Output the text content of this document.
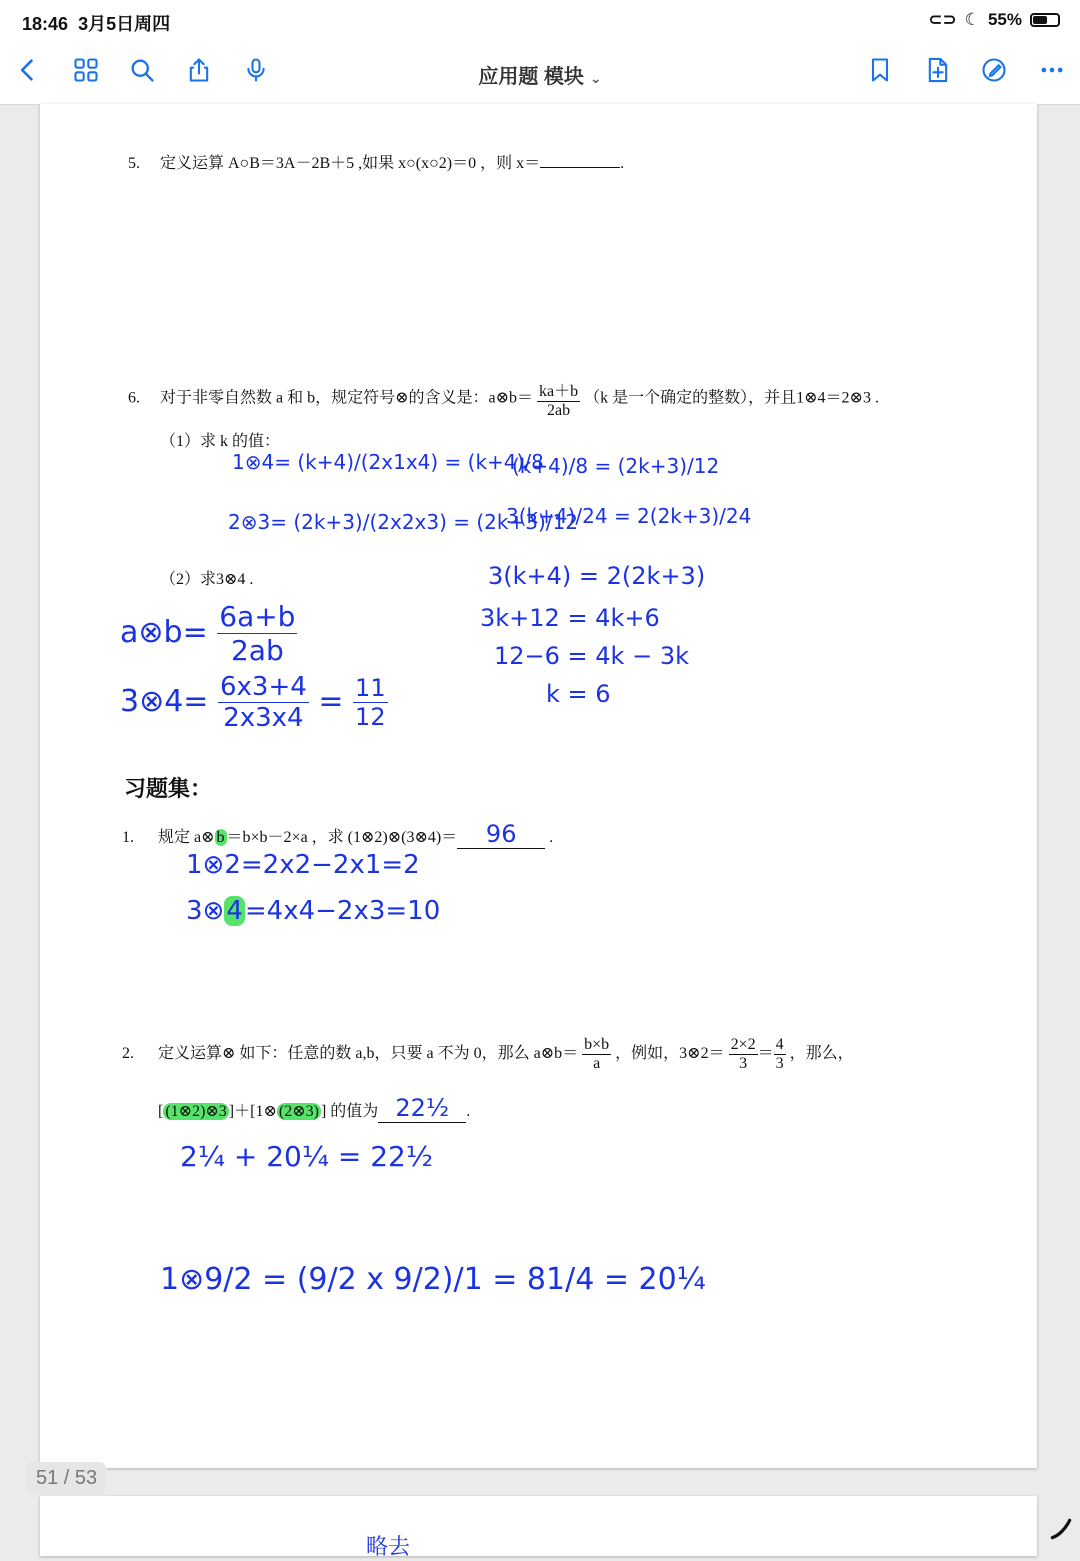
18:46 3月5日周四	⊂⊃ ☾ 55%
应用题 模块 ⌄
5. 定义运算 A○B＝3A－2B＋5 ,如果 x○(x○2)＝0 ，则 x＝	.
6. 对于非零自然数 a 和 b，规定符号⊗的含义是：a⊗b＝ $\frac{ka+b}{2ab} (k$ 是一个确定的整数），并且1⊗4＝2⊗3 .
（1）求 k 的值：
（2）求3⊗4 .
1⊗4= (k+4)/(2x1x4) = (k+4)/8
2⊗3= (2k+3)/(2x2x3) = (2k+3)/12
(k+4)/8 = (2k+3)/12
3(k+4)/24 = 2(2k+3)/24
3(k+4) = 2(2k+3)
3k+12 = 4k+6
12−6 = 4k − 3k
k = 6
a⊗b= $\frac{6a+b}{2ab}$
3⊗4= $\frac{6x3+4}{2x3x4} = \frac{11}{12}$
习题集：
1. 规定 a⊗ b ＝b×b－2×a ，求 (1⊗2)⊗(3⊗4)＝ 96 .
1⊗2=2x2−2x1=2
3⊗4=4x4−2x3=10
2. 定义运算⊗ 如下：任意的数 a,b，只要 a 不为 0，那么 a⊗b＝ $\frac{b\times b}{a}$ ，例如，3⊗2＝ $\frac{2\times 2}{3} = \frac{4}{3}$ ，那么，
[ (1⊗2)⊗3 ]＋[1⊗ (2⊗3) ] 的值为 22½ .
2¼ + 20¼ = 22½
1⊗9/2 = (9/2 x 9/2)/1 = 81/4 = 20¼
51 / 53
略去
